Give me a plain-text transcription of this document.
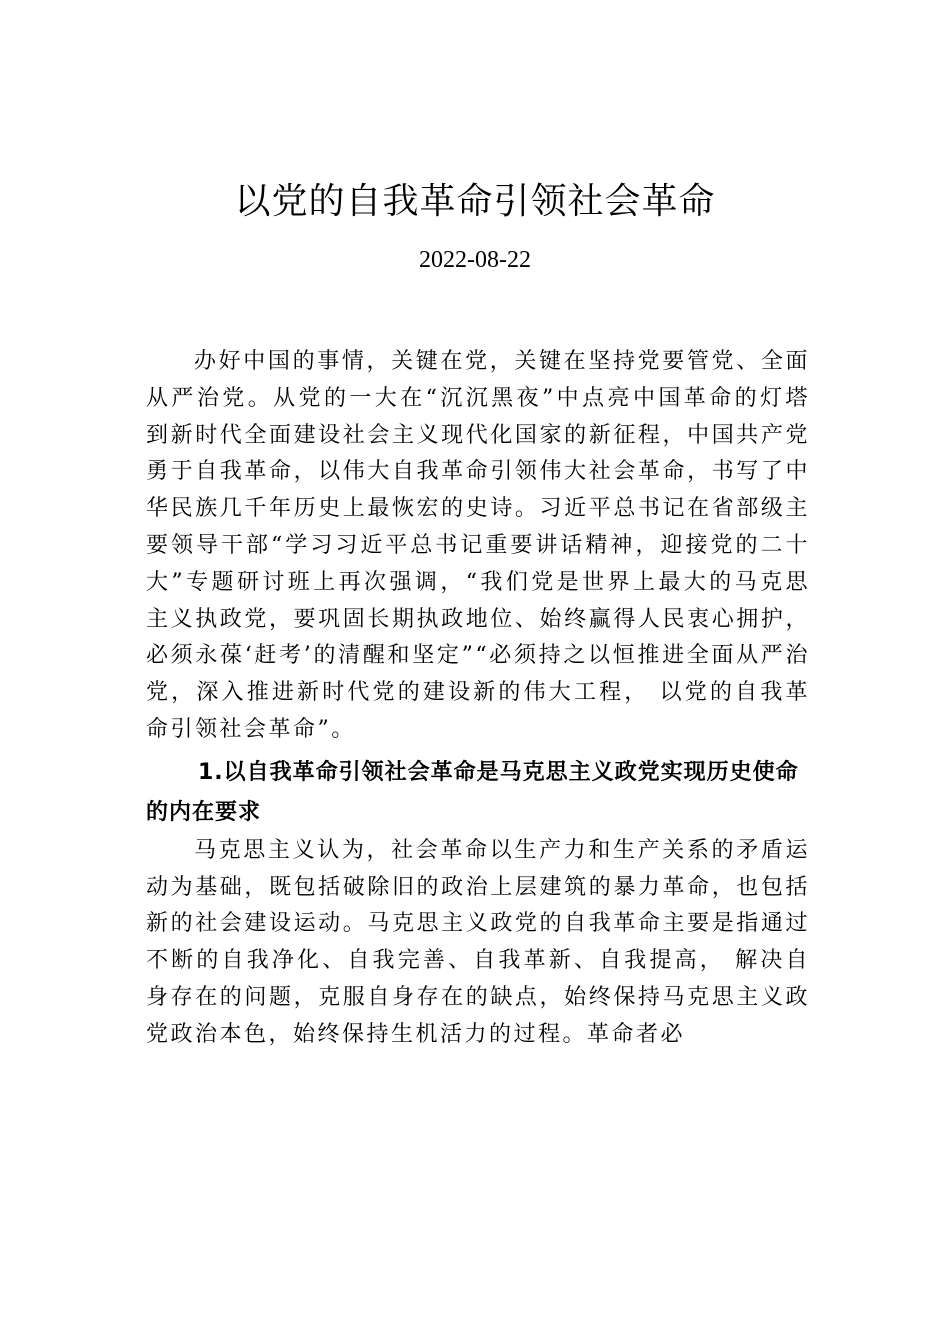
以党的自我革命引领社会革命
2022-08-22

办好中国的事情，关键在党，关键在坚持党要管党、全面从严治党。从党的一大在“沉沉黑夜”中点亮中国革命的灯塔到新时代全面建设社会主义现代化国家的新征程，中国共产党勇于自我革命，以伟大自我革命引领伟大社会革命，书写了中华民族几千年历史上最恢宏的史诗。习近平总书记在省部级主要领导干部“学习习近平总书记重要讲话精神，迎接党的二十大”专题研讨班上再次强调，“我们党是世界上最大的马克思主义执政党，要巩固长期执政地位、始终赢得人民衷心拥护，必须永葆‘赶考’的清醒和坚定”“必须持之以恒推进全面从严治党，深入推进新时代党的建设新的伟大工程， 以党的自我革命引领社会革命”。

1.以自我革命引领社会革命是马克思主义政党实现历史使命的内在要求

马克思主义认为，社会革命以生产力和生产关系的矛盾运动为基础，既包括破除旧的政治上层建筑的暴力革命，也包括新的社会建设运动。马克思主义政党的自我革命主要是指通过不断的自我净化、自我完善、自我革新、自我提高， 解决自身存在的问题，克服自身存在的缺点，始终保持马克思主义政党政治本色，始终保持生机活力的过程。革命者必
